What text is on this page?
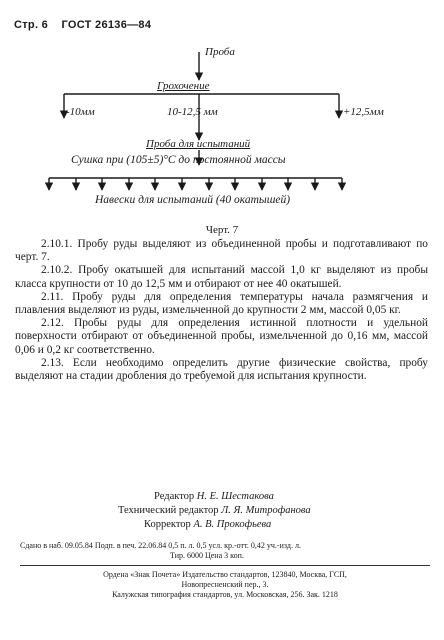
Стр. 6 ГОСТ 26136—84
Проба
Грохочение
-10мм	10-12,5 мм	+12,5мм
Проба для испытаний
Сушка при (105±5)°С до постоянной массы
Навески для испытаний (40 окатышей)
Черт. 7

2.10.1. Пробу руды выделяют из объединенной пробы и подготавливают по черт. 7.

2.10.2. Пробу окатышей для испытаний массой 1,0 кг выделяют из пробы класса крупности от 10 до 12,5 мм и отбирают от нее 40 окатышей.

2.11. Пробу руды для определения температуры начала размягчения и плавления выделяют из руды, измельченной до крупности 2 мм, массой 0,05 кг.

2.12. Пробы руды для определения истинной плотности и удельной поверхности отбирают от объединенной пробы, измельченной до 0,16 мм, массой 0,06 и 0,2 кг соответственно.

2.13. Если необходимо определить другие физические свойства, пробу выделяют на стадии дробления до требуемой для испытания крупности.

Редактор Н. Е. Шестакова
Технический редактор Л. Я. Митрофанова
Корректор А. В. Прокофьева
Сдано в наб. 09.05.84 Подп. в печ. 22.06.84 0,5 п. л. 0,5 усл. кр.-отт. 0,42 уч.-изд. л.
Тир. 6000 Цена 3 коп.
Ордена «Знак Почета» Издательство стандартов, 123840, Москва, ГСП,
Новопресненский пер., 3.
Калужская типография стандартов, ул. Московская, 256. Зак. 1218
